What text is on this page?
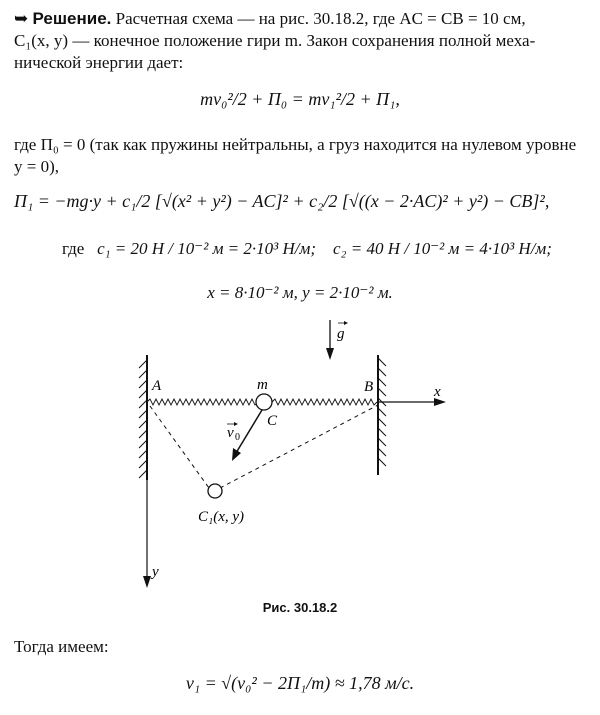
➥ Решение. Расчетная схема — на рис. 30.18.2, где AC = CB = 10 см,
C₁(x, y) — конечное положение гири m. Закон сохранения полной меха-
нической энергии дает:
mv₀²/2 + Π₀ = mv₁²/2 + Π₁,
где Π₀ = 0 (так как пружины нейтральны, а груз находится на нулевом уровне y = 0),
Π₁ = −mg·y + c₁/2 [√(x² + y²) − AC]² + c₂/2 [√((x − 2·AC)² + y²) − CB]²,
где c₁ = 20 Н / 10⁻² м = 2·10³ Н/м; c₂ = 40 Н / 10⁻² м = 4·10³ Н/м;
x = 8·10⁻² м, y = 2·10⁻² м.
A	B
m
C
x
y
g
v 0
C₁(x, y)
Рис. 30.18.2
Тогда имеем:
v₁ = √(v₀² − 2Π₁/m) ≈ 1,78 м/с.
